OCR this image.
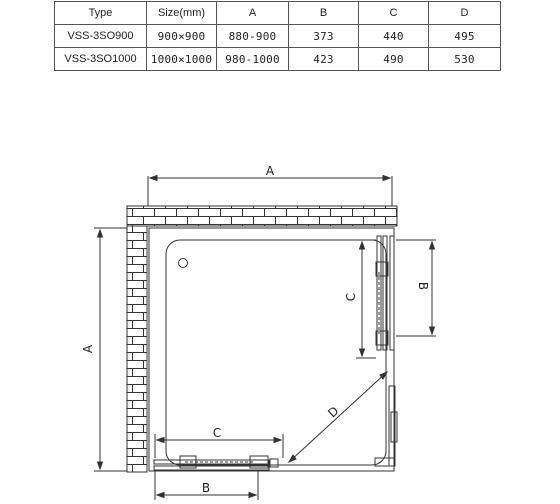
Type	Size(mm)	A	B	C	D
VSS-3SO900	900×900	880-900	373	440	495
VSS-3SO1000	1000×1000	980-1000	423	490	530
A
A
C
B
D
C
B
